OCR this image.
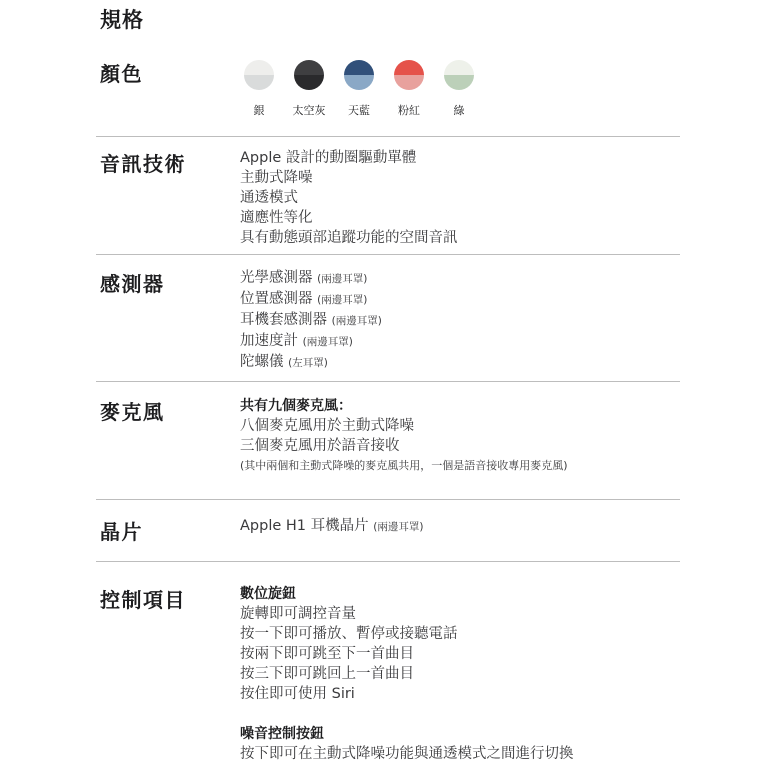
規格
顏色
銀	太空灰	天藍	粉紅	綠
音訊技術	Apple 設計的動圈驅動單體
主動式降噪
通透模式
適應性等化
具有動態頭部追蹤功能的空間音訊
感測器	光學感測器 (兩邊耳罩)
位置感測器 (兩邊耳罩)
耳機套感測器 (兩邊耳罩)
加速度計 (兩邊耳罩)
陀螺儀 (左耳罩)
麥克風	共有九個麥克風：
八個麥克風用於主動式降噪
三個麥克風用於語音接收
(其中兩個和主動式降噪的麥克風共用，一個是語音接收專用麥克風)
晶片	Apple H1 耳機晶片 (兩邊耳罩)
控制項目	數位旋鈕
旋轉即可調控音量
按一下即可播放、暫停或接聽電話
按兩下即可跳至下一首曲目
按三下即可跳回上一首曲目
按住即可使用 Siri
噪音控制按鈕
按下即可在主動式降噪功能與通透模式之間進行切換
